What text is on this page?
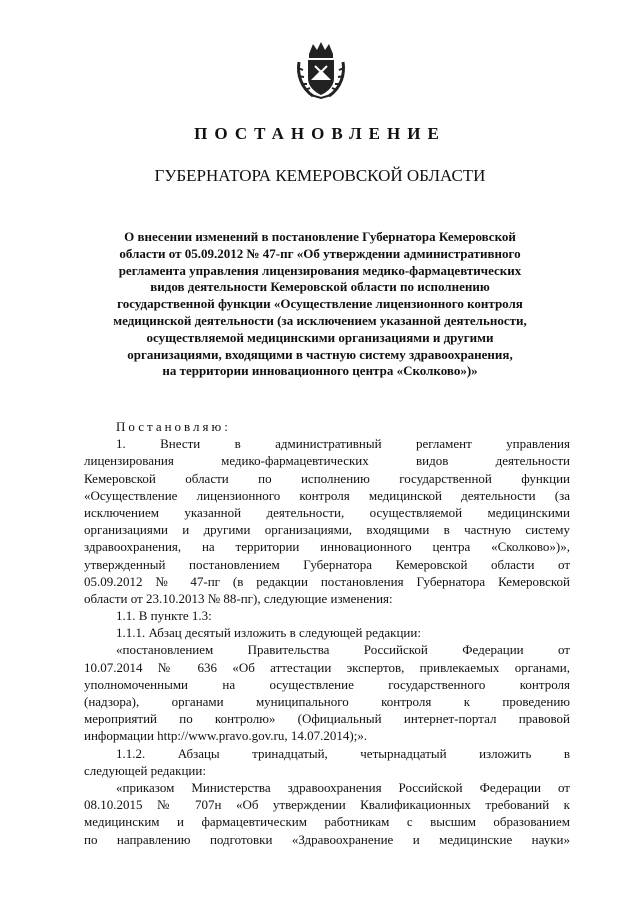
ПОСТАНОВЛЕНИЕ
ГУБЕРНАТОРА КЕМЕРОВСКОЙ ОБЛАСТИ
О внесении изменений в постановление Губернатора Кемеровской
области от 05.09.2012 № 47-пг «Об утверждении административного
регламента управления лицензирования медико-фармацевтических
видов деятельности Кемеровской области по исполнению
государственной функции «Осуществление лицензионного контроля
медицинской деятельности (за исключением указанной деятельности,
осуществляемой медицинскими организациями и другими
организациями, входящими в частную систему здравоохранения,
на территории инновационного центра «Сколково»)»
Постановляю:
1. Внести в административный регламент управления
лицензирования медико-фармацевтических видов деятельности
Кемеровской области по исполнению государственной функции
«Осуществление лицензионного контроля медицинской деятельности (за
исключением указанной деятельности, осуществляемой медицинскими
организациями и другими организациями, входящими в частную систему
здравоохранения, на территории инновационного центра «Сколково»)»,
утвержденный постановлением Губернатора Кемеровской области от
05.09.2012 № 47-пг (в редакции постановления Губернатора Кемеровской
области от 23.10.2013 № 88-пг), следующие изменения:
1.1. В пункте 1.3:
1.1.1. Абзац десятый изложить в следующей редакции:
«постановлением Правительства Российской Федерации от
10.07.2014 № 636 «Об аттестации экспертов, привлекаемых органами,
уполномоченными на осуществление государственного контроля
(надзора), органами муниципального контроля к проведению
мероприятий по контролю» (Официальный интернет-портал правовой
информации http://www.pravo.gov.ru, 14.07.2014);».
1.1.2. Абзацы тринадцатый, четырнадцатый изложить в
следующей редакции:
«приказом Министерства здравоохранения Российской Федерации от
08.10.2015 № 707н «Об утверждении Квалификационных требований к
медицинским и фармацевтическим работникам с высшим образованием
по направлению подготовки «Здравоохранение и медицинские науки»
